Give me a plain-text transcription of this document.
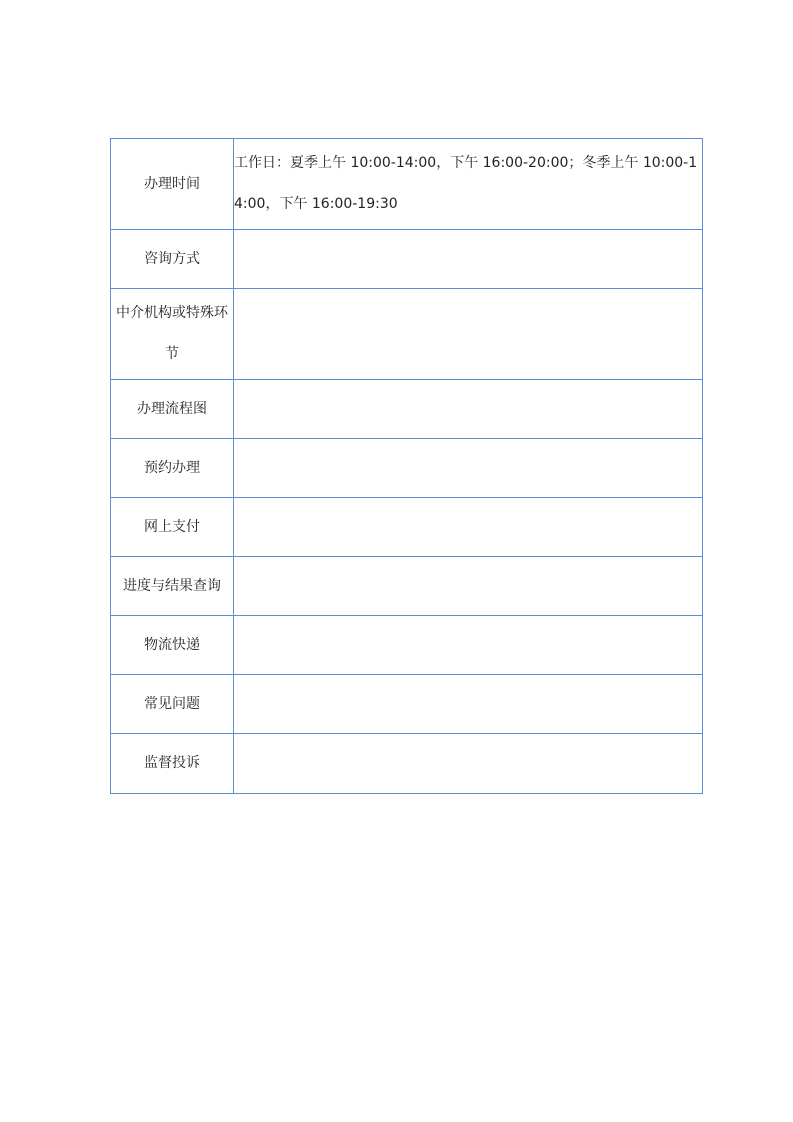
办理时间	工作日：夏季上午 10:00-14:00，下午 16:00-20:00；冬季上午 10:00-14:00，下午 16:00-19:30
咨询方式	
中介机构或特殊环节	
办理流程图	
预约办理	
网上支付	
进度与结果查询	
物流快递	
常见问题	
监督投诉	
